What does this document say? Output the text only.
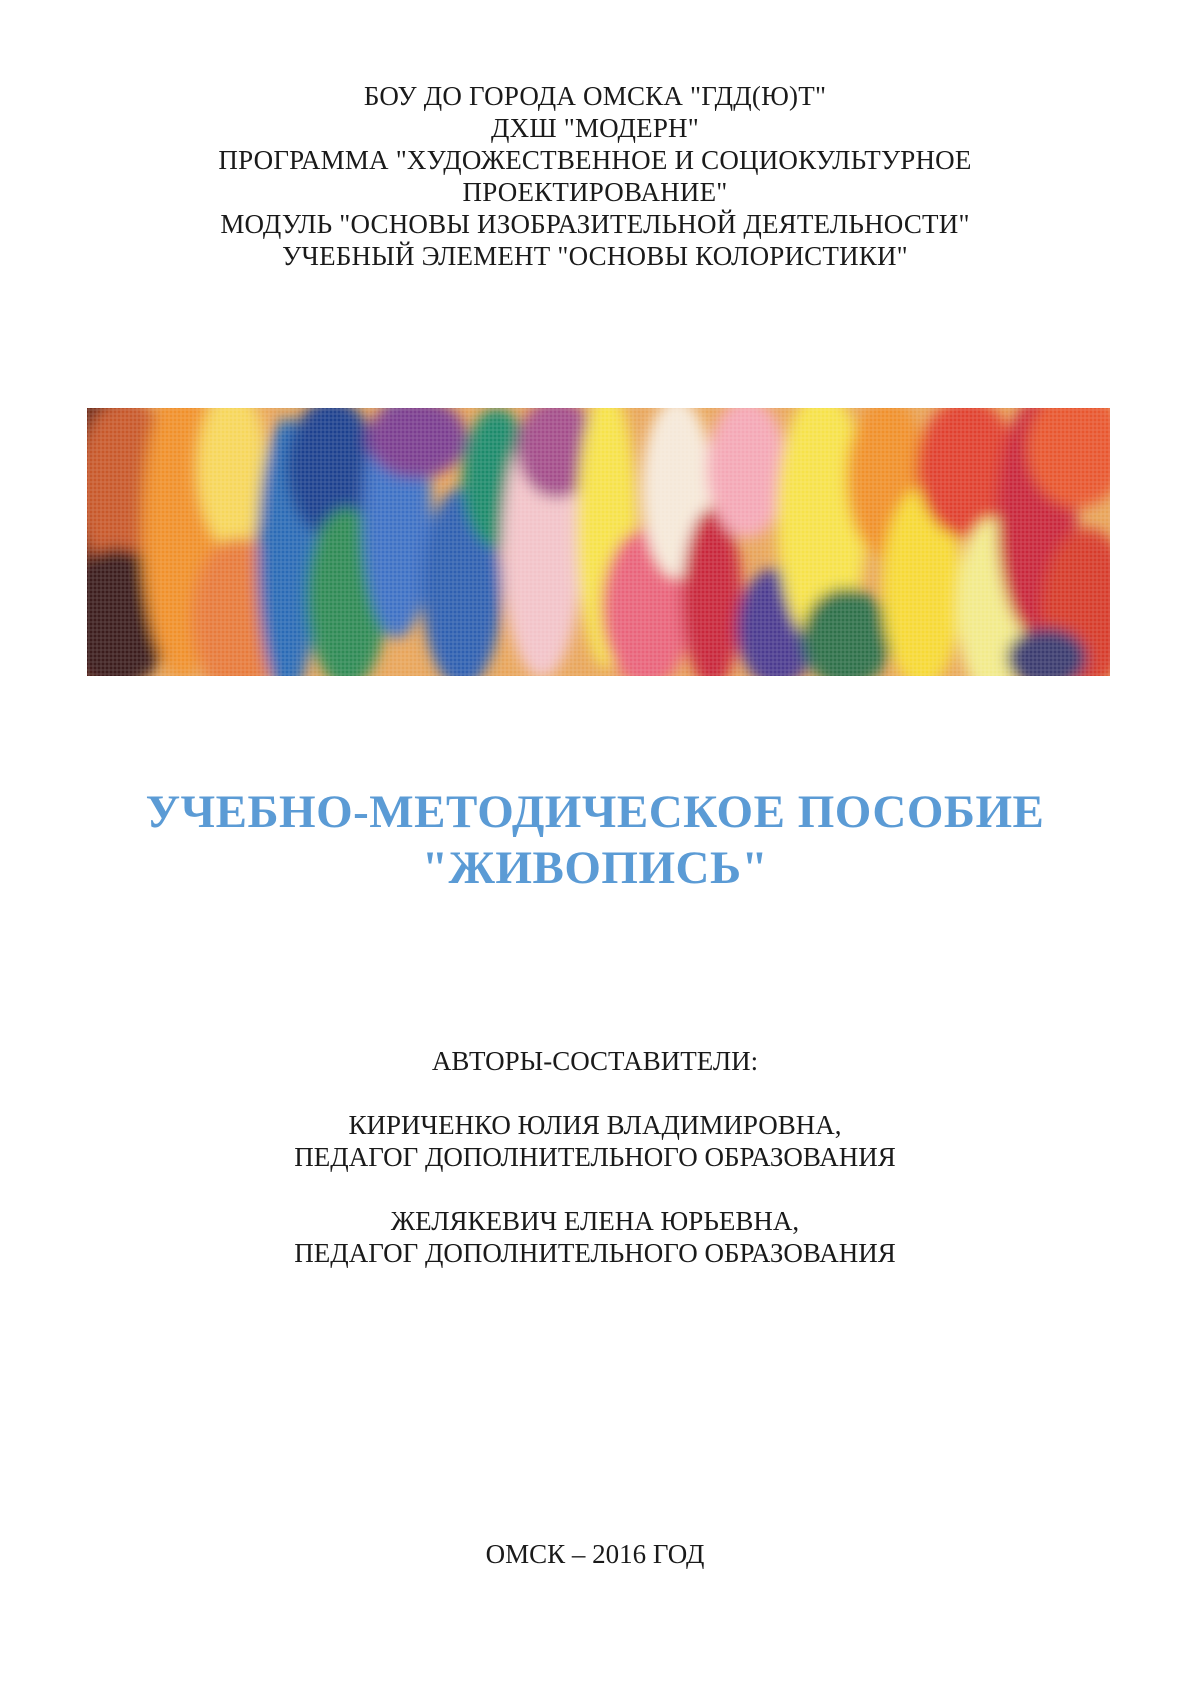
БОУ ДО ГОРОДА ОМСКА "ГДД(Ю)Т"
ДХШ "МОДЕРН"
ПРОГРАММА "ХУДОЖЕСТВЕННОЕ И СОЦИОКУЛЬТУРНОЕ
ПРОЕКТИРОВАНИЕ"
МОДУЛЬ "ОСНОВЫ ИЗОБРАЗИТЕЛЬНОЙ ДЕЯТЕЛЬНОСТИ"
УЧЕБНЫЙ ЭЛЕМЕНТ "ОСНОВЫ КОЛОРИСТИКИ"
УЧЕБНО-МЕТОДИЧЕСКОЕ ПОСОБИЕ
"ЖИВОПИСЬ"
АВТОРЫ-СОСТАВИТЕЛИ:
КИРИЧЕНКО ЮЛИЯ ВЛАДИМИРОВНА,
ПЕДАГОГ ДОПОЛНИТЕЛЬНОГО ОБРАЗОВАНИЯ
ЖЕЛЯКЕВИЧ ЕЛЕНА ЮРЬЕВНА,
ПЕДАГОГ ДОПОЛНИТЕЛЬНОГО ОБРАЗОВАНИЯ
ОМСК – 2016 ГОД
